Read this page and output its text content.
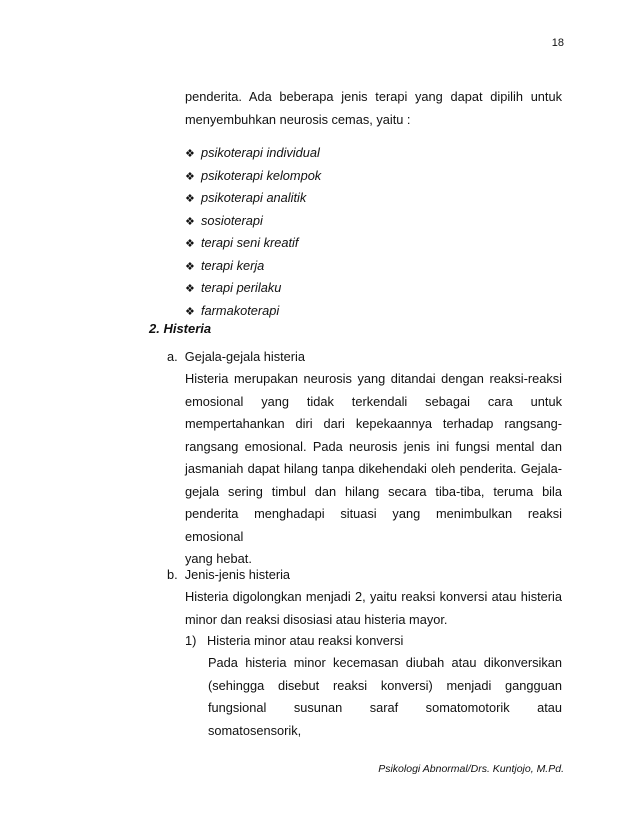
18
penderita. Ada beberapa jenis terapi yang dapat dipilih untuk
menyembuhkan neurosis cemas, yaitu :
❖ psikoterapi individual
❖ psikoterapi kelompok
❖ psikoterapi analitik
❖ sosioterapi
❖ terapi seni kreatif
❖ terapi kerja
❖ terapi perilaku
❖ farmakoterapi
2. Histeria
a.  Gejala-gejala histeria
Histeria merupakan neurosis yang ditandai dengan reaksi-reaksi
emosional yang tidak terkendali sebagai cara untuk
mempertahankan diri dari kepekaannya terhadap rangsang-
rangsang emosional. Pada neurosis jenis ini fungsi mental dan
jasmaniah dapat hilang tanpa dikehendaki oleh penderita. Gejala-
gejala sering timbul dan hilang secara tiba-tiba, teruma bila
penderita menghadapi situasi yang menimbulkan reaksi emosional
yang hebat.
b.  Jenis-jenis histeria
Histeria digolongkan menjadi 2, yaitu reaksi konversi atau histeria
minor dan reaksi disosiasi atau histeria mayor.
1)   Histeria minor atau reaksi konversi
Pada histeria minor kecemasan diubah atau dikonversikan
(sehingga disebut reaksi konversi) menjadi gangguan
fungsional susunan saraf somatomotorik atau somatosensorik,
Psikologi Abnormal/Drs. Kuntjojo, M.Pd.
